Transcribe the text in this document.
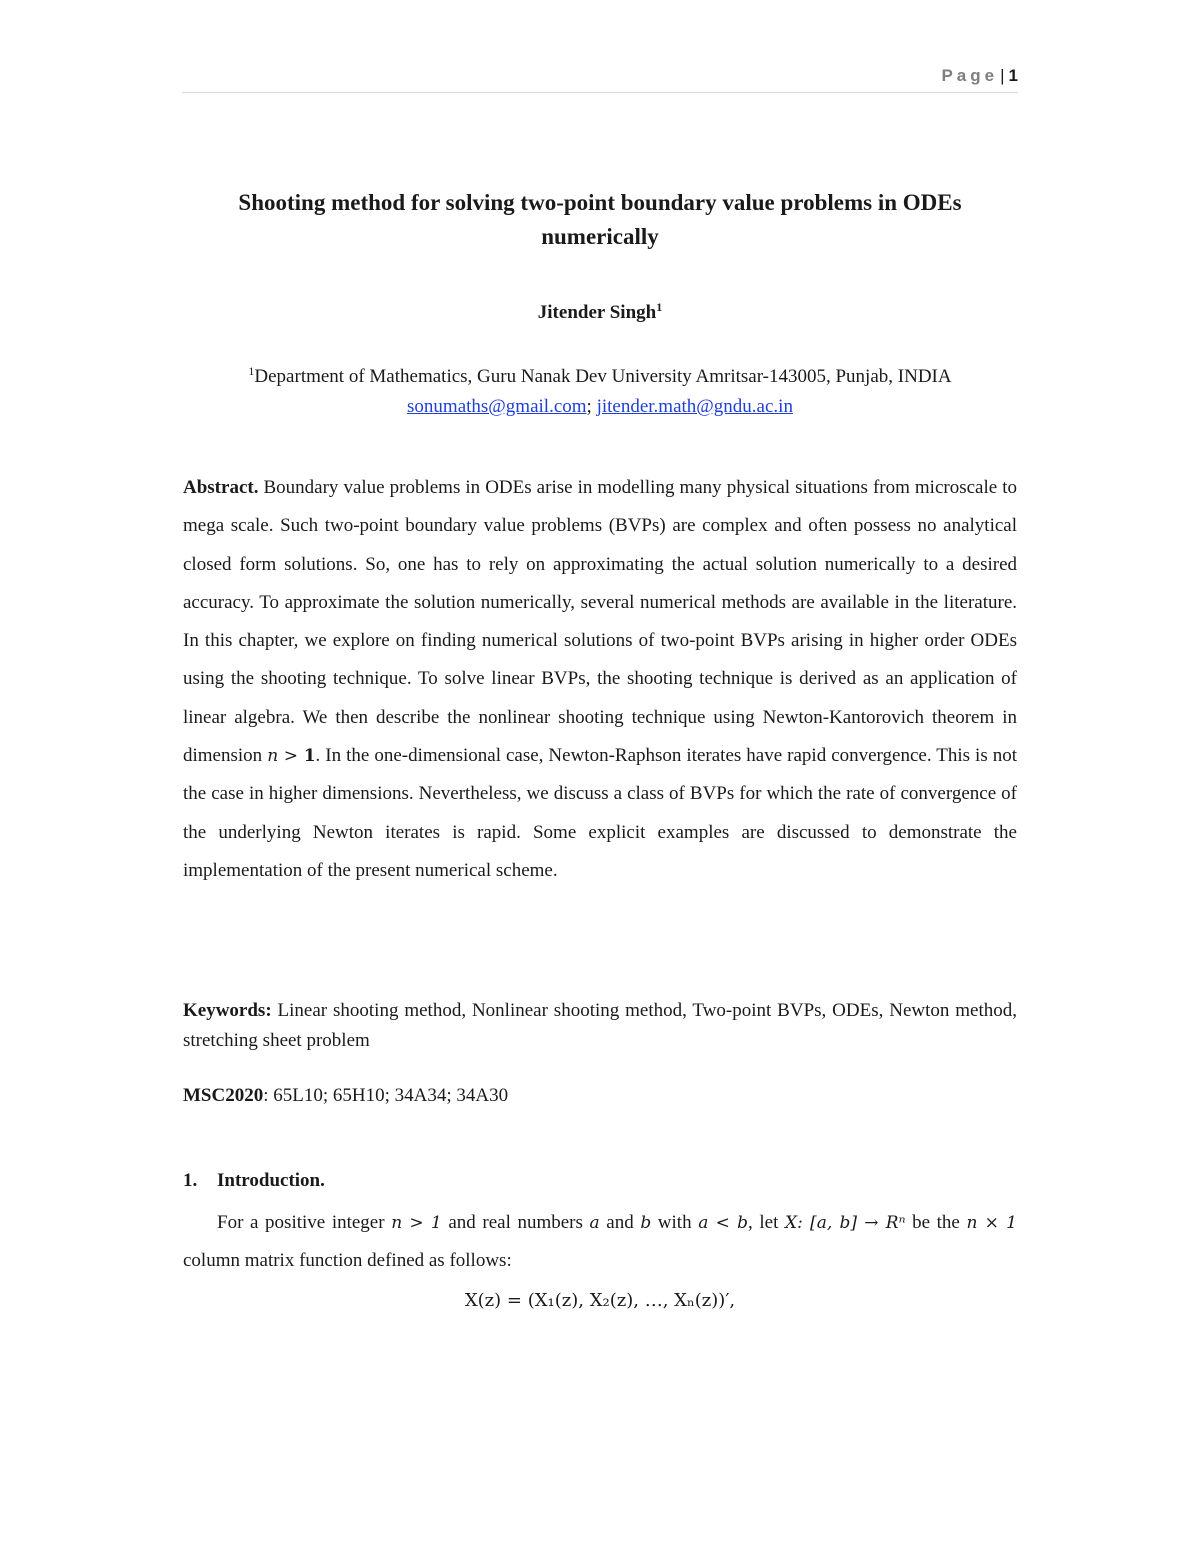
Page | 1
Shooting method for solving two-point boundary value problems in ODEs
numerically
Jitender Singh$^1$
$^1$Department of Mathematics, Guru Nanak Dev University Amritsar-143005, Punjab, INDIA
sonumaths@gmail.com; jitender.math@gndu.ac.in

Abstract. Boundary value problems in ODEs arise in modelling many physical situations from microscale to mega scale. Such two-point boundary value problems (BVPs) are complex and often possess no analytical closed form solutions. So, one has to rely on approximating the actual solution numerically to a desired accuracy. To approximate the solution numerically, several numerical methods are available in the literature. In this chapter, we explore on finding numerical solutions of two-point BVPs arising in higher order ODEs using the shooting technique. To solve linear BVPs, the shooting technique is derived as an application of linear algebra. We then describe the nonlinear shooting technique using Newton-Kantorovich theorem in dimension n > 1. In the one-dimensional case, Newton-Raphson iterates have rapid convergence. This is not the case in higher dimensions. Nevertheless, we discuss a class of BVPs for which the rate of convergence of the underlying Newton iterates is rapid. Some explicit examples are discussed to demonstrate the implementation of the present numerical scheme.

Keywords: Linear shooting method, Nonlinear shooting method, Two-point BVPs, ODEs, Newton method, stretching sheet problem

MSC2020: 65L10; 65H10; 34A34; 34A30

1. Introduction.

For a positive integer n > 1 and real numbers a and b with a < b, let X: [a, b] → Rⁿ be the n × 1 column matrix function defined as follows:

X(z) = (X₁(z), X₂(z), …, Xₙ(z))′,
